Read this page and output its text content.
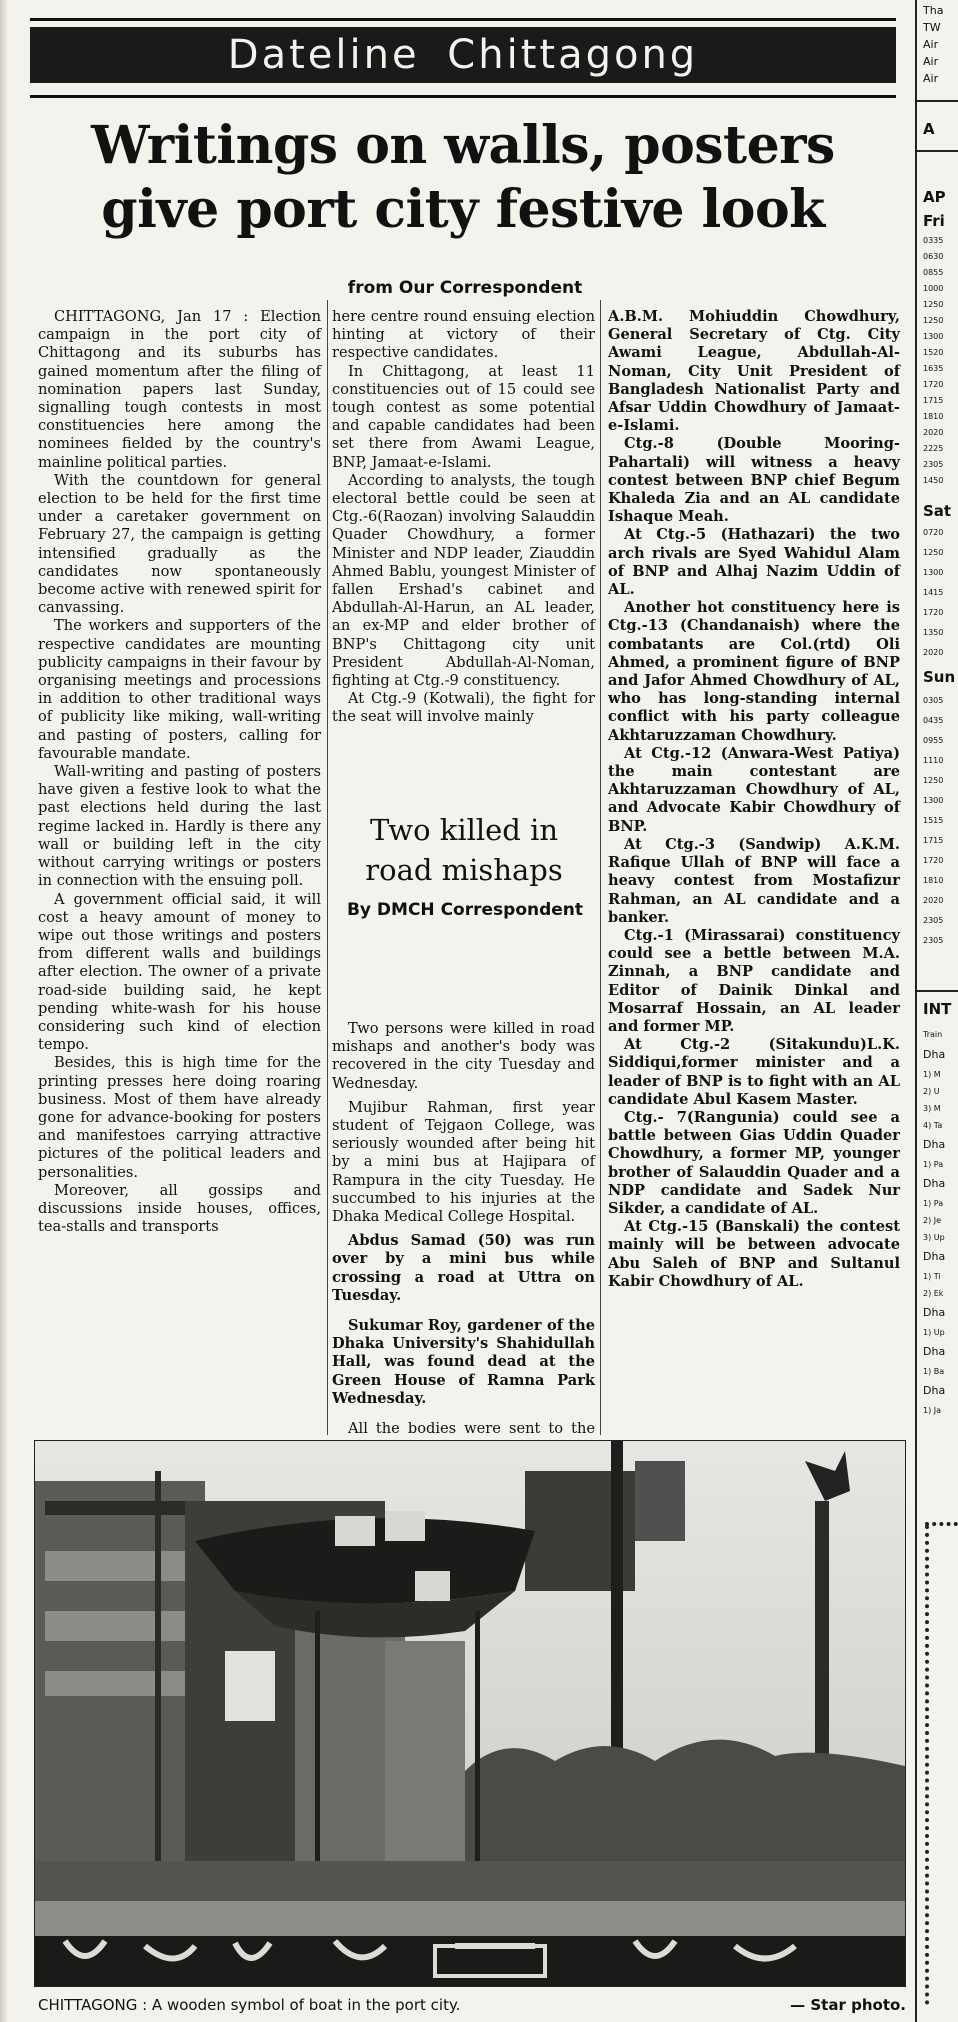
Dateline Chittagong
Writings on walls, posters
give port city festive look
from Our Correspondent

CHITTAGONG, Jan 17 : Election campaign in the port city of Chittagong and its suburbs has gained momentum after the filing of nomination papers last Sunday, signalling tough contests in most constituencies here among the nominees fielded by the country's mainline political parties.

With the countdown for general election to be held for the first time under a caretaker government on February 27, the campaign is getting intensified gradually as the candidates now spontaneously become active with renewed spirit for canvassing.

The workers and supporters of the respective candidates are mounting publicity campaigns in their favour by organising meetings and processions in addition to other traditional ways of publicity like miking, wall-writing and pasting of posters, calling for favourable mandate.

Wall-writing and pasting of posters have given a festive look to what the past elections held during the last regime lacked in. Hardly is there any wall or building left in the city without carrying writings or posters in connection with the ensuing poll.

A government official said, it will cost a heavy amount of money to wipe out those writings and posters from different walls and buildings after election. The owner of a private road-side building said, he kept pending white-wash for his house considering such kind of election tempo.

Besides, this is high time for the printing presses here doing roaring business. Most of them have already gone for advance-booking for posters and manifestoes carrying attractive pictures of the political leaders and personalities.

Moreover, all gossips and discussions inside houses, offices, tea-stalls and transports

here centre round ensuing election hinting at victory of their respective candidates.

In Chittagong, at least 11 constituencies out of 15 could see tough contest as some potential and capable candidates had been set there from Awami League, BNP, Jamaat-e-Islami.

According to analysts, the tough electoral bettle could be seen at Ctg.-6(Raozan) involving Salauddin Quader Chowdhury, a former Minister and NDP leader, Ziauddin Ahmed Bablu, youngest Minister of fallen Ershad's cabinet and Abdullah-Al-Harun, an AL leader, an ex-MP and elder brother of BNP's Chittagong city unit President Abdullah-Al-Noman, fighting at Ctg.-9 constituency.

At Ctg.-9 (Kotwali), the fight for the seat will involve mainly

Two killed in
road mishaps
By DMCH Correspondent

Two persons were killed in road mishaps and another's body was recovered in the city Tuesday and Wednesday.

Mujibur Rahman, first year student of Tejgaon College, was seriously wounded after being hit by a mini bus at Hajipara of Rampura in the city Tuesday. He succumbed to his injuries at the Dhaka Medical College Hospital.

Abdus Samad (50) was run over by a mini bus while crossing a road at Uttra on Tuesday.

Sukumar Roy, gardener of the Dhaka University's Shahidullah Hall, was found dead at the Green House of Ramna Park Wednesday.

All the bodies were sent to the

A.B.M. Mohiuddin Chowdhury, General Secretary of Ctg. City Awami League, Abdullah-Al-Noman, City Unit President of Bangladesh Nationalist Party and Afsar Uddin Chowdhury of Jamaat-e-Islami.

Ctg.-8 (Double Mooring-Pahartali) will witness a heavy contest between BNP chief Begum Khaleda Zia and an AL candidate Ishaque Meah.

At Ctg.-5 (Hathazari) the two arch rivals are Syed Wahidul Alam of BNP and Alhaj Nazim Uddin of AL.

Another hot constituency here is Ctg.-13 (Chandanaish) where the combatants are Col.(rtd) Oli Ahmed, a prominent figure of BNP and Jafor Ahmed Chowdhury of AL, who has long-standing internal conflict with his party colleague Akhtaruzzaman Chowdhury.

At Ctg.-12 (Anwara-West Patiya) the main contestant are Akhtaruzzaman Chowdhury of AL, and Advocate Kabir Chowdhury of BNP.

At Ctg.-3 (Sandwip) A.K.M. Rafique Ullah of BNP will face a heavy contest from Mostafizur Rahman, an AL candidate and a banker.

Ctg.-1 (Mirassarai) constituency could see a bettle between M.A. Zinnah, a BNP candidate and Editor of Dainik Dinkal and Mosarraf Hossain, an AL leader and former MP.

At Ctg.-2 (Sitakundu)L.K. Siddiqui,former minister and a leader of BNP is to fight with an AL candidate Abul Kasem Master.

Ctg.- 7(Rangunia) could see a battle between Gias Uddin Quader Chowdhury, a former MP, younger brother of Salauddin Quader and a NDP candidate and Sadek Nur Sikder, a candidate of AL.

At Ctg.-15 (Banskali) the contest mainly will be between advocate Abu Saleh of BNP and Sultanul Kabir Chowdhury of AL.

CHITTAGONG : A wooden symbol of boat in the port city.	— Star photo.
Tha
TW
Air
Air
Air
A
AP
Fri
0335
0630
0855
1000
1250
1250
1300
1520
1635
1720
1715
1810
2020
2225
2305
1450
Sat
0720
1250
1300
1415
1720
1350
2020
Sun
0305
0435
0955
1110
1250
1300
1515
1715
1720
1810
2020
2305
2305
INT
Train
Dha
1) M
2) U
3) M
4) Ta
Dha
1) Pa
Dha
1) Pa
2) Je
3) Up
Dha
1) Ti
2) Ek
Dha
1) Up
Dha
1) Ba
Dha
1) Ja
